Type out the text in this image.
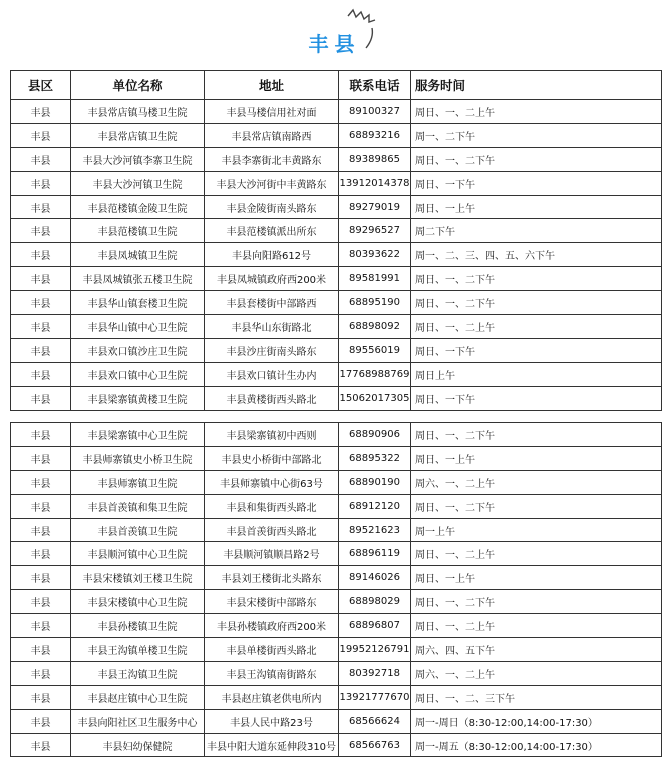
丰县
县区	单位名称	地址	联系电话	服务时间
丰县	丰县常店镇马楼卫生院	丰县马楼信用社对面	89100327	周日、一、二上午
丰县	丰县常店镇卫生院	丰县常店镇南路西	68893216	周一、二下午
丰县	丰县大沙河镇李寨卫生院	丰县李寨街北丰黄路东	89389865	周日、一、二下午
丰县	丰县大沙河镇卫生院	丰县大沙河街中丰黄路东	13912014378	周日、一下午
丰县	丰县范楼镇金陵卫生院	丰县金陵街南头路东	89279019	周日、一上午
丰县	丰县范楼镇卫生院	丰县范楼镇派出所东	89296527	周二下午
丰县	丰县凤城镇卫生院	丰县向阳路612号	80393622	周一、二、三、四、五、六下午
丰县	丰县凤城镇张五楼卫生院	丰县凤城镇政府西200米	89581991	周日、一、二下午
丰县	丰县华山镇套楼卫生院	丰县套楼街中部路西	68895190	周日、一、二下午
丰县	丰县华山镇中心卫生院	丰县华山东街路北	68898092	周日、一、二上午
丰县	丰县欢口镇沙庄卫生院	丰县沙庄街南头路东	89556019	周日、一下午
丰县	丰县欢口镇中心卫生院	丰县欢口镇计生办内	17768988769	周日上午
丰县	丰县梁寨镇黄楼卫生院	丰县黄楼街西头路北	15062017305	周日、一下午
丰县	丰县梁寨镇中心卫生院	丰县梁寨镇初中西则	68890906	周日、一、二下午
丰县	丰县师寨镇史小桥卫生院	丰县史小桥街中部路北	68895322	周日、一上午
丰县	丰县师寨镇卫生院	丰县师寨镇中心街63号	68890190	周六、一、二上午
丰县	丰县首羡镇和集卫生院	丰县和集街西头路北	68912120	周日、一、二下午
丰县	丰县首羡镇卫生院	丰县首羡街西头路北	89521623	周一上午
丰县	丰县顺河镇中心卫生院	丰县顺河镇顺昌路2号	68896119	周日、一、二上午
丰县	丰县宋楼镇刘王楼卫生院	丰县刘王楼街北头路东	89146026	周日、一上午
丰县	丰县宋楼镇中心卫生院	丰县宋楼街中部路东	68898029	周日、一、二下午
丰县	丰县孙楼镇卫生院	丰县孙楼镇政府西200米	68896807	周日、一、二上午
丰县	丰县王沟镇单楼卫生院	丰县单楼街西头路北	19952126791	周六、四、五下午
丰县	丰县王沟镇卫生院	丰县王沟镇南街路东	80392718	周六、一、二上午
丰县	丰县赵庄镇中心卫生院	丰县赵庄镇老供电所内	13921777670	周日、一、二、三下午
丰县	丰县向阳社区卫生服务中心	丰县人民中路23号	68566624	周一-周日（8:30-12:00,14:00-17:30）
丰县	丰县妇幼保健院	丰县中阳大道东延伸段310号	68566763	周一-周五（8:30-12:00,14:00-17:30）
